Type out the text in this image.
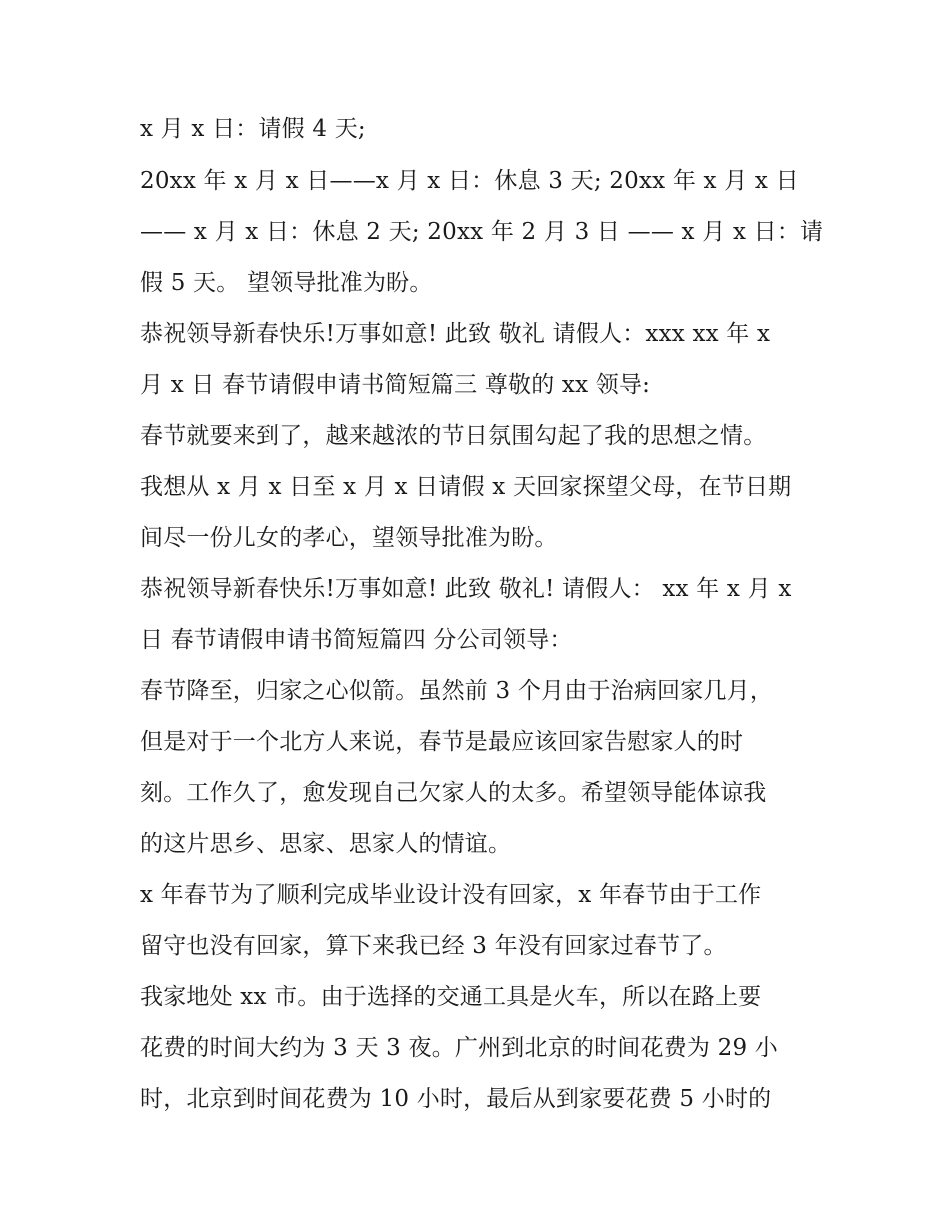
x 月 x 日：请假 4 天;
20xx 年 x 月 x 日——x 月 x 日：休息 3 天; 20xx 年 x 月 x 日
—— x 月 x 日：休息 2 天; 20xx 年 2 月 3 日 —— x 月 x 日：请
假 5 天。 望领导批准为盼。
恭祝领导新春快乐!万事如意! 此致 敬礼 请假人：xxx xx 年 x
月 x 日 春节请假申请书简短篇三 尊敬的 xx 领导:
春节就要来到了，越来越浓的节日氛围勾起了我的思想之情。
我想从 x 月 x 日至 x 月 x 日请假 x 天回家探望父母，在节日期
间尽一份儿女的孝心，望领导批准为盼。
恭祝领导新春快乐!万事如意! 此致 敬礼! 请假人： xx 年 x 月 x
日 春节请假申请书简短篇四 分公司领导：
春节降至，归家之心似箭。虽然前 3 个月由于治病回家几月，
但是对于一个北方人来说，春节是最应该回家告慰家人的时
刻。工作久了，愈发现自己欠家人的太多。希望领导能体谅我
的这片思乡、思家、思家人的情谊。
x 年春节为了顺利完成毕业设计没有回家，x 年春节由于工作
留守也没有回家，算下来我已经 3 年没有回家过春节了。
我家地处 xx 市。由于选择的交通工具是火车，所以在路上要
花费的时间大约为 3 天 3 夜。广州到北京的时间花费为 29 小
时，北京到时间花费为 10 小时，最后从到家要花费 5 小时的
